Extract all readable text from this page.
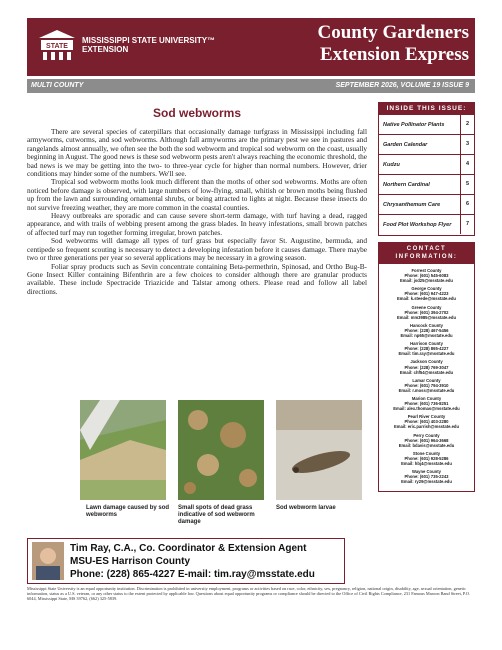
STATE
MISSISSIPPI STATE UNIVERSITY™
EXTENSION
County Gardeners
Extension Express
MULTI COUNTY	SEPTEMBER 2026, VOLUME 19 ISSUE 9
Sod webworms

There are several species of caterpillars that occasionally damage turfgrass in Mississippi including fall armyworms, cutworms, and sod webworms. Although fall armyworms are the primary pest we see in pastures and rangelands almost annually, we often see the both the sod webworm and tropical sod webworm on the coast, usually beginning in August. The good news is these sod webworm pests aren't always reaching the economic threshold, the bad news is we may be getting into the two- to three-year cycle for higher than normal numbers. However, drier conditions may hinder some of the numbers. We'll see.

Tropical sod webworm moths look much different than the moths of other sod webworms. Moths are often noticed before damage is observed, with large numbers of low-flying, small, whitish or brown moths being flushed up from the lawn and surrounding ornamental shrubs, or being attracted to lights at night. Because these insects do not survive freezing weather, they are more common in the coastal counties.

Heavy outbreaks are sporadic and can cause severe short-term damage, with turf having a dead, ragged appearance, and with trails of webbing present among the grass blades. In heavy infestations, small brown patches of affected turf may run together forming irregular, brown patches.

Sod webworms will damage all types of turf grass but especially favor St. Augustine, bermuda, and centipede so frequent scouting is necessary to detect a developing infestation before it causes damage. There maybe two or three generations per year so several applications may be necessary in a growing season.

Foliar spray products such as Sevin concentrate containing Beta-permethrin, Spinosad, and Ortho Bug-B-Gone Insect Killer containing Bifenthrin are a few choices to consider although there are granular products available. These include Spectracide Triazicide and Talstar among others. Please read and follow all label directions.

Lawn damage caused by sod webworms
Small spots of dead grass indicative of sod webworm damage
Sod webworm larvae
Tim Ray, C.A., Co. Coordinator & Extension Agent
MSU-ES Harrison County
Phone: (228) 865-4227 E-mail: tim.ray@msstate.edu
Mississippi State University is an equal opportunity institution. Discrimination is prohibited in university employment, programs or activities based on race, color, ethnicity, sex, pregnancy, religion, national origin, disability, age, sexual orientation, genetic information, status as a U.S. veteran, or any other status to the extent protected by applicable law. Questions about equal opportunity programs or compliance should be directed to the Office of Civil Rights Compliance, 231 Famous Maroon Band Street, P.O. 6044, Mississippi State, MS 39762, (662) 325-5839.
INSIDE THIS ISSUE:
Native Pollinator Plants	2
Garden Calendar	3
Kudzu	4
Northern Cardinal	5
Chrysanthemum Care	6
Food Plot Workshop Flyer	7
CONTACT
INFORMATION:
Forrest County
Phone: (601) 545-6083
Email: jsd25@msstate.edu
George County
Phone: (601) 947-4223
Email: k.steede@msstate.edu
Greene County
Phone: (601) 394-2702
Email: mm3985@msstate.edu
Hancock County
Phone: (228) 467-5456
Email: np65@msstate.edu
Harrison County
Phone: (228) 865-4227
Email: tim.ray@msstate.edu
Jackson County
Phone: (228) 769-3047
Email: chf54@msstate.edu
Lamar County
Phone: (601) 794-3910
Email: r.moss@msstate.edu
Marion County
Phone: (601) 736-8251
Email: alex.thomas@msstate.edu
Pearl River County
Phone: (601) 403-2280
Email: eric.parrish@msstate.edu
Perry County
Phone: (601) 964-3668
Email: bdavis@msstate.edu
Stone County
Phone: (601) 928-5286
Email: hbj4@msstate.edu
Wayne County
Phone: (601) 735-2243
Email: ry29@msstate.edu
